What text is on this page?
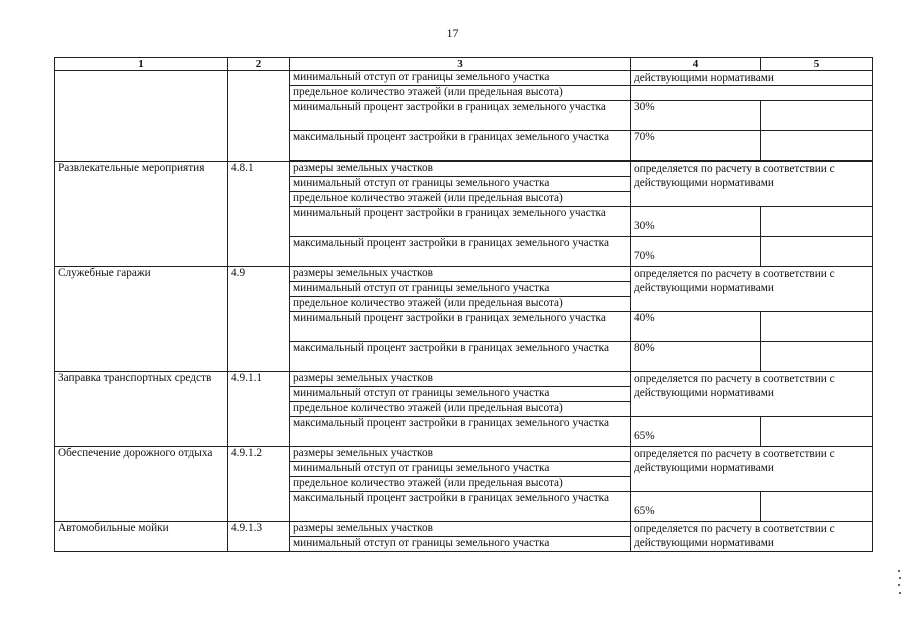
17
1	2	3	4	5
		минимальный отступ от границы земельного участка	действующими нормативами	
		предельное количество этажей (или предельная высота)		
		минимальный процент застройки в границах земельного участка	30%	
		максимальный процент застройки в границах земельного участка	70%	

Развлекательные мероприятия	4.8.1	размеры земельных участков	определяется по расчету в соответствии с действующими нормативами	
		минимальный отступ от границы земельного участка		
		предельное количество этажей (или предельная высота)		
		минимальный процент застройки в границах земельного участка	30%	
		максимальный процент застройки в границах земельного участка	70%	
Служебные гаражи	4.9	размеры земельных участков	определяется по расчету в соответствии с действующими нормативами	
		минимальный отступ от границы земельного участка		
		предельное количество этажей (или предельная высота)		
		минимальный процент застройки в границах земельного участка	40%	
		максимальный процент застройки в границах земельного участка	80%	
Заправка транспортных средств	4.9.1.1	размеры земельных участков	определяется по расчету в соответствии с действующими нормативами	
		минимальный отступ от границы земельного участка		
		предельное количество этажей (или предельная высота)		
		максимальный процент застройки в границах земельного участка	65%	
Обеспечение дорожного отдыха	4.9.1.2	размеры земельных участков	определяется по расчету в соответствии с действующими нормативами	
		минимальный отступ от границы земельного участка		
		предельное количество этажей (или предельная высота)		
		максимальный процент застройки в границах земельного участка	65%	
Автомобильные мойки	4.9.1.3	размеры земельных участков	определяется по расчету в соответствии с действующими нормативами	
		минимальный отступ от границы земельного участка		
